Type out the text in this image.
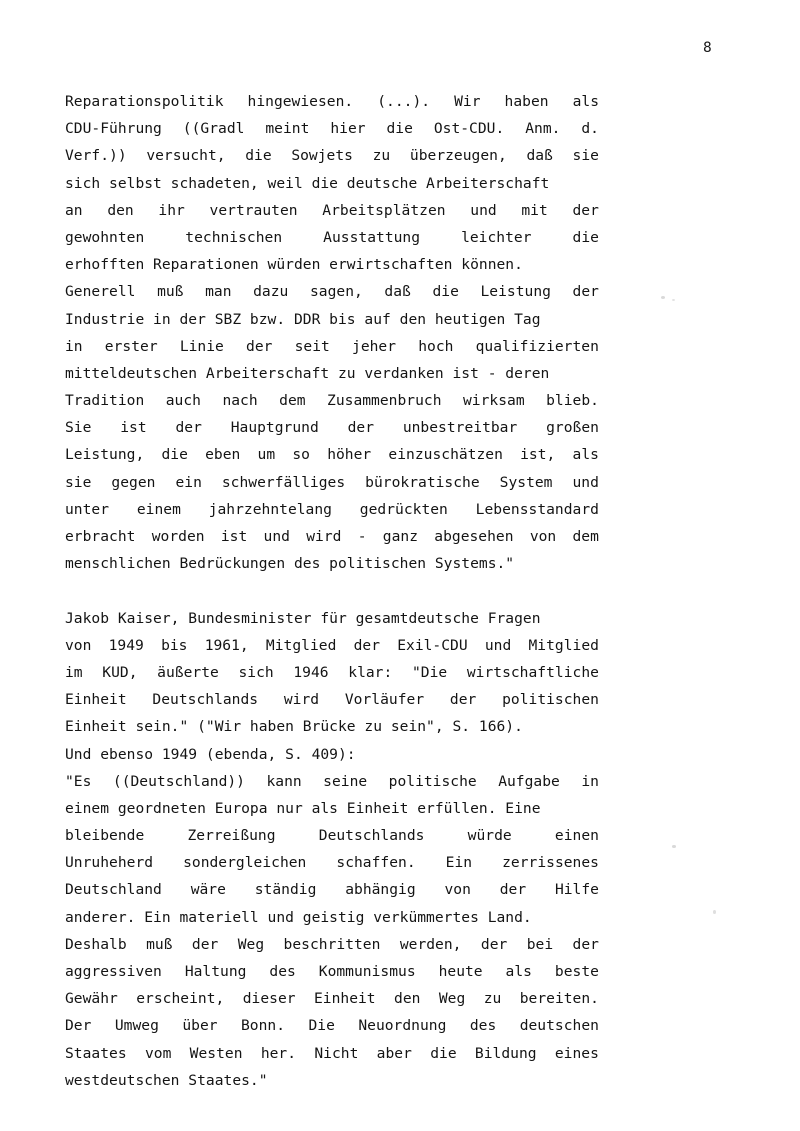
8
Reparationspolitik hingewiesen. (...). Wir haben als
CDU-Führung ((Gradl meint hier die Ost-CDU. Anm. d.
Verf.)) versucht, die Sowjets zu überzeugen, daß sie
sich selbst schadeten, weil die deutsche Arbeiterschaft
an den ihr vertrauten Arbeitsplätzen und mit der
gewohnten	technischen	Ausstattung	leichter	die
erhofften Reparationen würden erwirtschaften können.
Generell muß man dazu sagen, daß die Leistung der
Industrie in der SBZ bzw. DDR bis auf den heutigen Tag
in erster Linie der seit jeher hoch qualifizierten
mitteldeutschen Arbeiterschaft zu verdanken ist - deren
Tradition auch nach dem Zusammenbruch wirksam blieb.
Sie ist der Hauptgrund der unbestreitbar großen
Leistung, die eben um so höher einzuschätzen ist, als
sie gegen ein schwerfälliges bürokratische System und
unter einem jahrzehntelang gedrückten Lebensstandard
erbracht worden ist und wird - ganz abgesehen von dem
menschlichen Bedrückungen des politischen Systems."
Jakob Kaiser, Bundesminister für gesamtdeutsche Fragen
von 1949 bis 1961, Mitglied der Exil-CDU und Mitglied
im KUD, äußerte sich 1946 klar: "Die wirtschaftliche
Einheit Deutschlands wird Vorläufer der politischen
Einheit sein." ("Wir haben Brücke zu sein", S. 166).
Und ebenso 1949 (ebenda, S. 409):
"Es ((Deutschland)) kann seine politische Aufgabe in
einem geordneten Europa nur als Einheit erfüllen. Eine
bleibende	Zerreißung	Deutschlands	würde	einen
Unruheherd sondergleichen schaffen. Ein zerrissenes
Deutschland wäre ständig abhängig von der Hilfe
anderer. Ein materiell und geistig verkümmertes Land.
Deshalb muß der Weg beschritten werden, der bei der
aggressiven Haltung des Kommunismus heute als beste
Gewähr erscheint, dieser Einheit den Weg zu bereiten.
Der Umweg über Bonn. Die Neuordnung des deutschen
Staates vom Westen her. Nicht aber die Bildung eines
westdeutschen Staates."
